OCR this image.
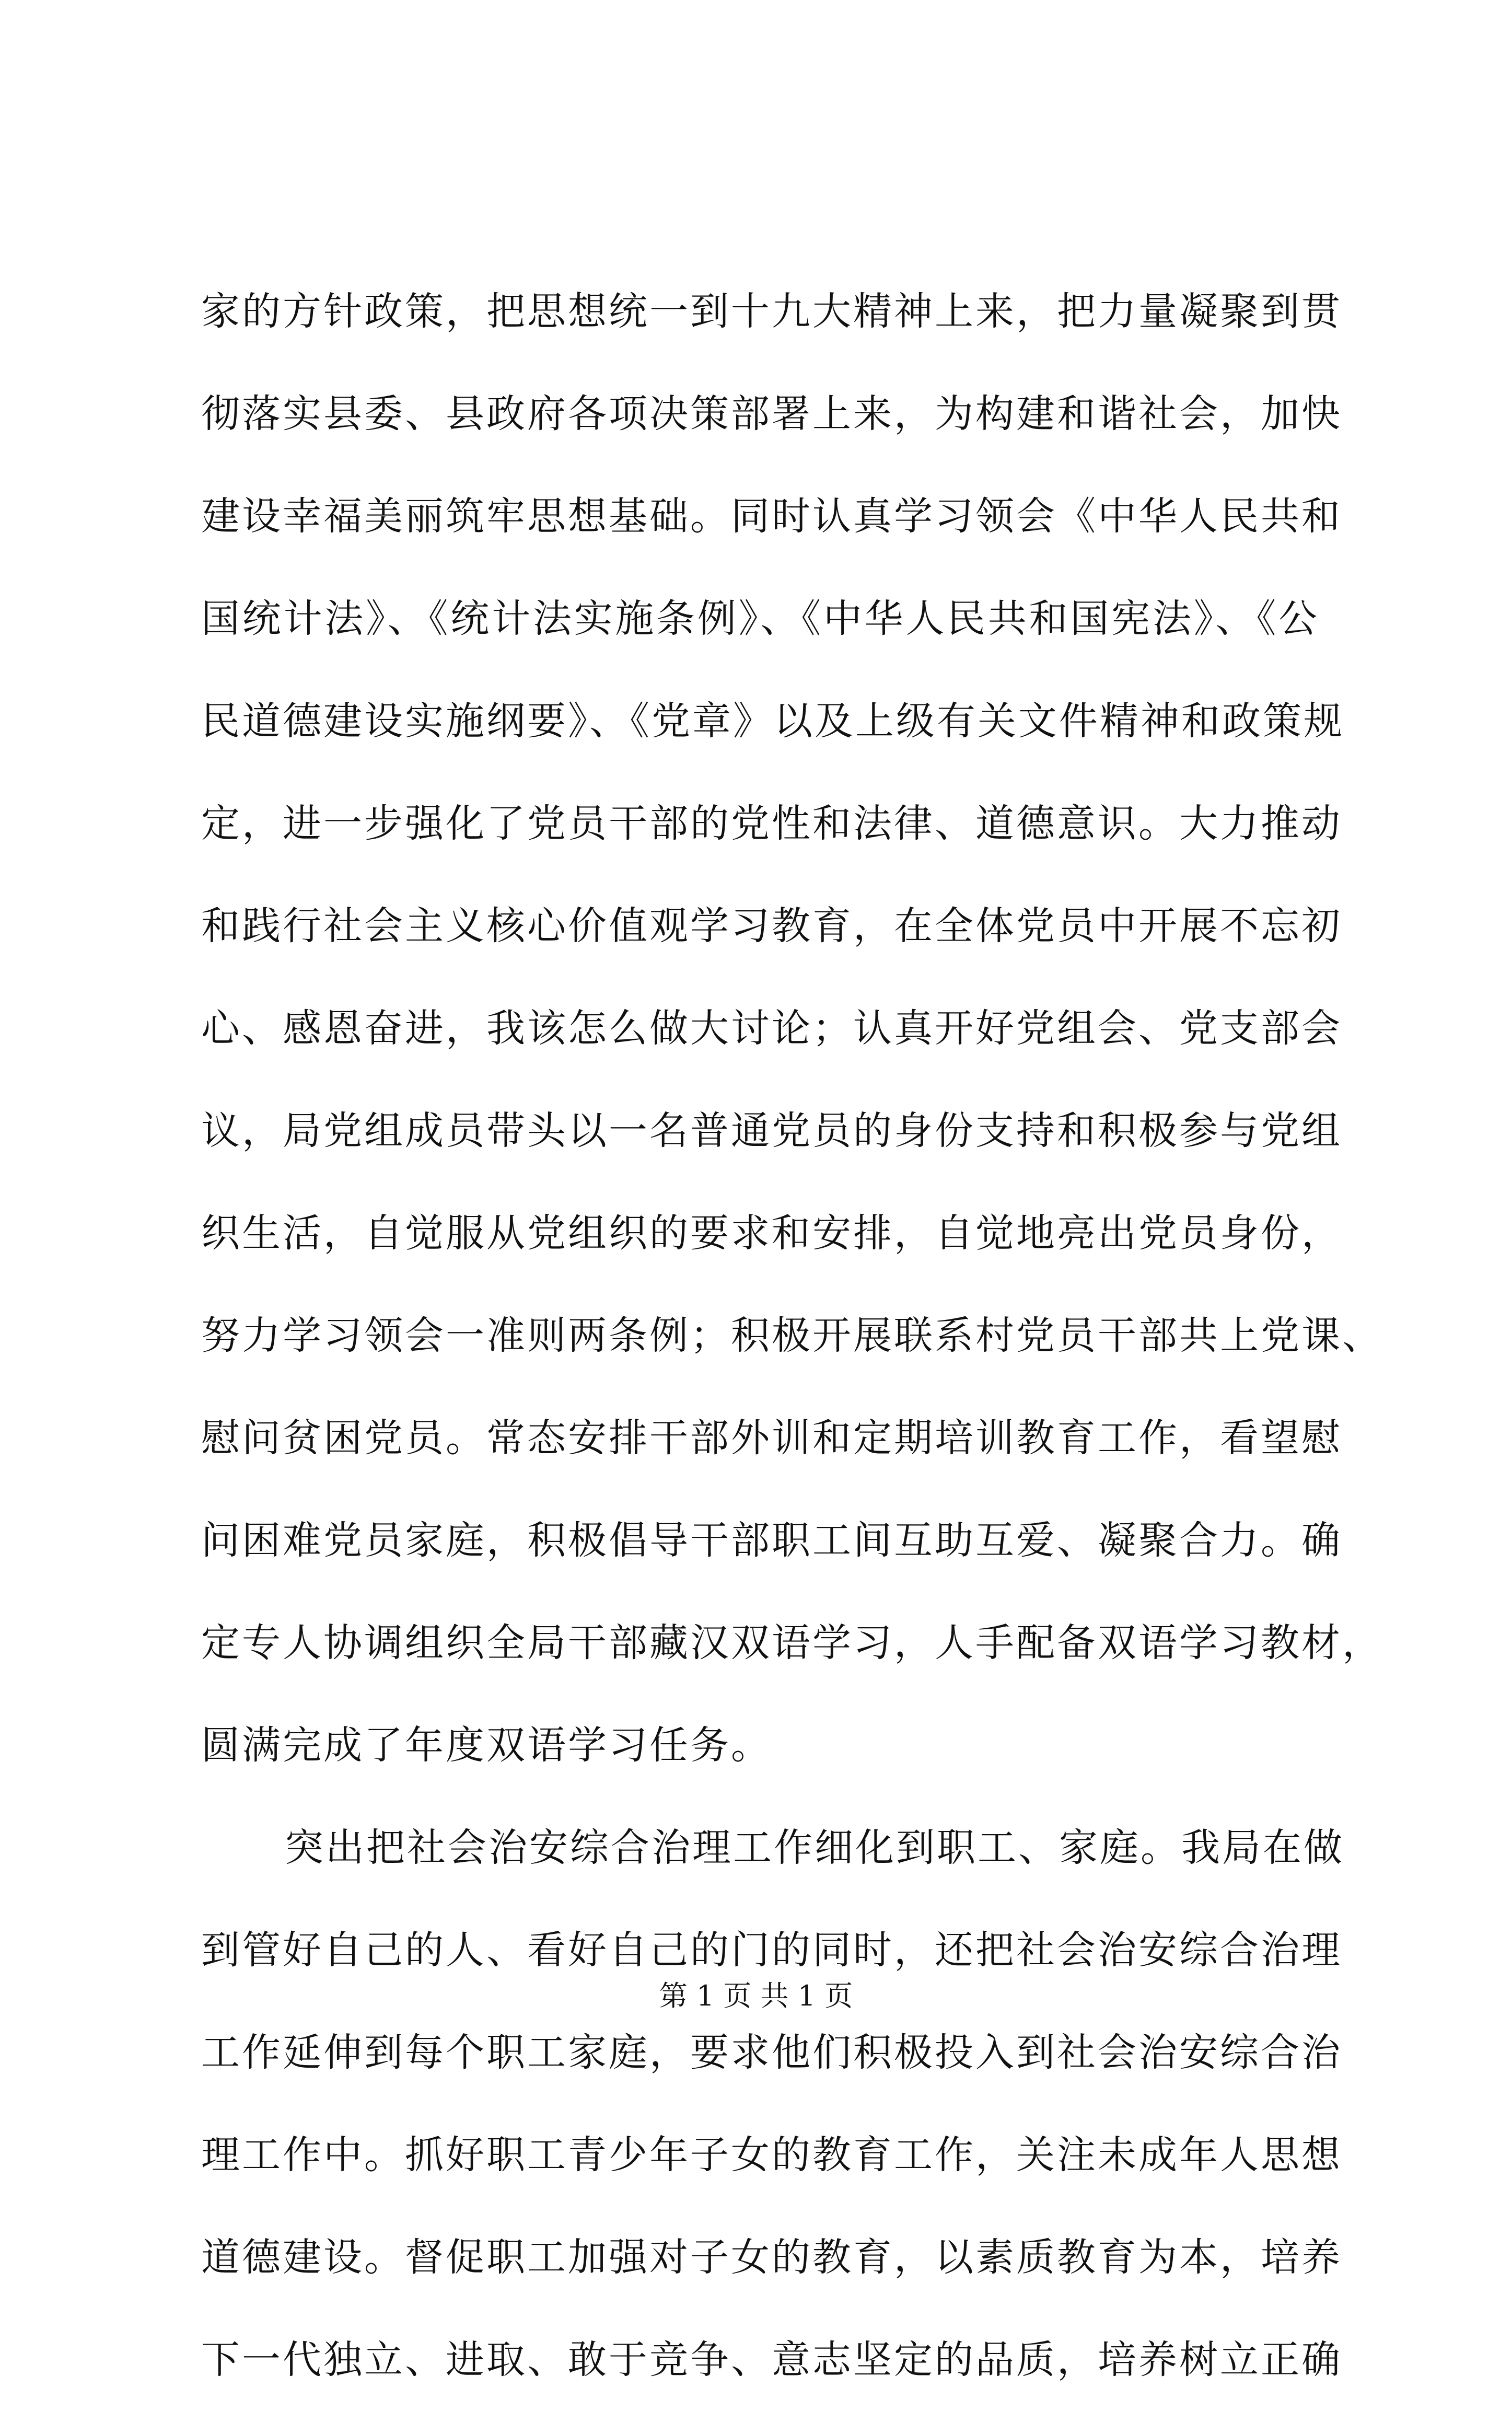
家的方针政策，把思想统一到十九大精神上来，把力量凝聚到贯
彻落实县委、县政府各项决策部署上来，为构建和谐社会，加快
建设幸福美丽筑牢思想基础。同时认真学习领会《中华人民共和
国统计法》、《统计法实施条例》、《中华人民共和国宪法》、《公
民道德建设实施纲要》、《党章》以及上级有关文件精神和政策规
定，进一步强化了党员干部的党性和法律、道德意识。大力推动
和践行社会主义核心价值观学习教育，在全体党员中开展不忘初
心、感恩奋进，我该怎么做大讨论；认真开好党组会、党支部会
议，局党组成员带头以一名普通党员的身份支持和积极参与党组
织生活，自觉服从党组织的要求和安排，自觉地亮出党员身份，
努力学习领会一准则两条例；积极开展联系村党员干部共上党课、
慰问贫困党员。常态安排干部外训和定期培训教育工作，看望慰
问困难党员家庭，积极倡导干部职工间互助互爱、凝聚合力。确
定专人协调组织全局干部藏汉双语学习，人手配备双语学习教材，
圆满完成了年度双语学习任务。
突出把社会治安综合治理工作细化到职工、家庭。我局在做
到管好自己的人、看好自己的门的同时，还把社会治安综合治理
工作延伸到每个职工家庭，要求他们积极投入到社会治安综合治
理工作中。抓好职工青少年子女的教育工作，关注未成年人思想
道德建设。督促职工加强对子女的教育，以素质教育为本，培养
下一代独立、进取、敢于竞争、意志坚定的品质，培养树立正确
第 1 页 共 1 页
